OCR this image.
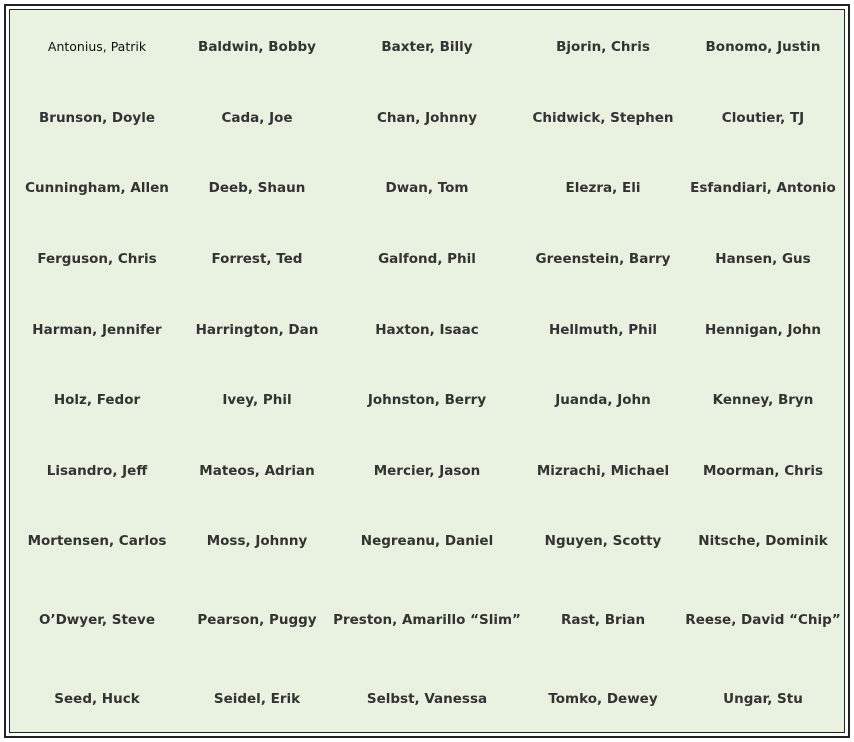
Antonius, Patrik	Baldwin, Bobby	Baxter, Billy	Bjorin, Chris	Bonomo, Justin
Brunson, Doyle	Cada, Joe	Chan, Johnny	Chidwick, Stephen	Cloutier, TJ
Cunningham, Allen	Deeb, Shaun	Dwan, Tom	Elezra, Eli	Esfandiari, Antonio
Ferguson, Chris	Forrest, Ted	Galfond, Phil	Greenstein, Barry	Hansen, Gus
Harman, Jennifer	Harrington, Dan	Haxton, Isaac	Hellmuth, Phil	Hennigan, John
Holz, Fedor	Ivey, Phil	Johnston, Berry	Juanda, John	Kenney, Bryn
Lisandro, Jeff	Mateos, Adrian	Mercier, Jason	Mizrachi, Michael	Moorman, Chris
Mortensen, Carlos	Moss, Johnny	Negreanu, Daniel	Nguyen, Scotty	Nitsche, Dominik
O’Dwyer, Steve	Pearson, Puggy	Preston, Amarillo “Slim”	Rast, Brian	Reese, David “Chip”
Seed, Huck	Seidel, Erik	Selbst, Vanessa	Tomko, Dewey	Ungar, Stu
